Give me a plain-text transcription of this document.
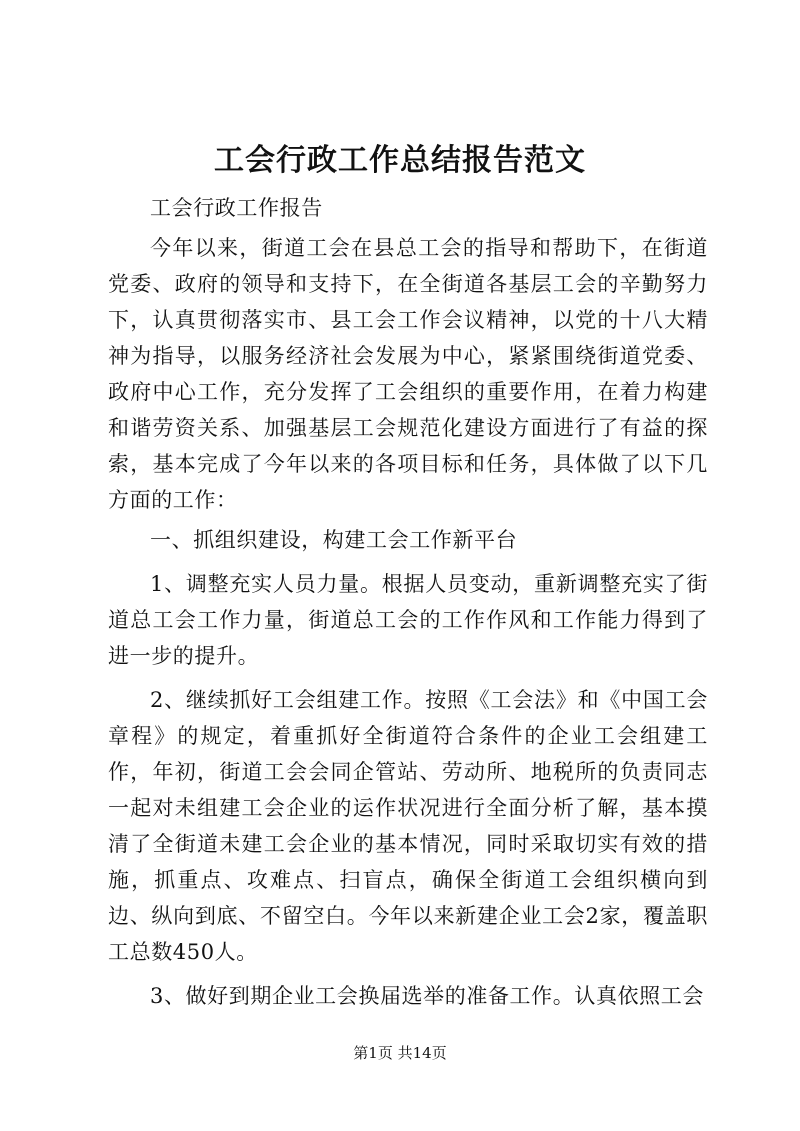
工会行政工作总结报告范文

工会行政工作报告

今年以来，街道工会在县总工会的指导和帮助下，在街道党委、政府的领导和支持下，在全街道各基层工会的辛勤努力下，认真贯彻落实市、县工会工作会议精神，以党的十八大精神为指导，以服务经济社会发展为中心，紧紧围绕街道党委、政府中心工作，充分发挥了工会组织的重要作用，在着力构建和谐劳资关系、加强基层工会规范化建设方面进行了有益的探索，基本完成了今年以来的各项目标和任务，具体做了以下几方面的工作：

一、抓组织建设，构建工会工作新平台

1、调整充实人员力量。根据人员变动，重新调整充实了街道总工会工作力量，街道总工会的工作作风和工作能力得到了进一步的提升。

2、继续抓好工会组建工作。按照《工会法》和《中国工会章程》的规定，着重抓好全街道符合条件的企业工会组建工作，年初，街道工会会同企管站、劳动所、地税所的负责同志一起对未组建工会企业的运作状况进行全面分析了解，基本摸清了全街道未建工会企业的基本情况，同时采取切实有效的措施，抓重点、攻难点、扫盲点，确保全街道工会组织横向到边、纵向到底、不留空白。今年以来新建企业工会2家，覆盖职工总数450人。

3、做好到期企业工会换届选举的准备工作。认真依照工会

第1页 共14页
